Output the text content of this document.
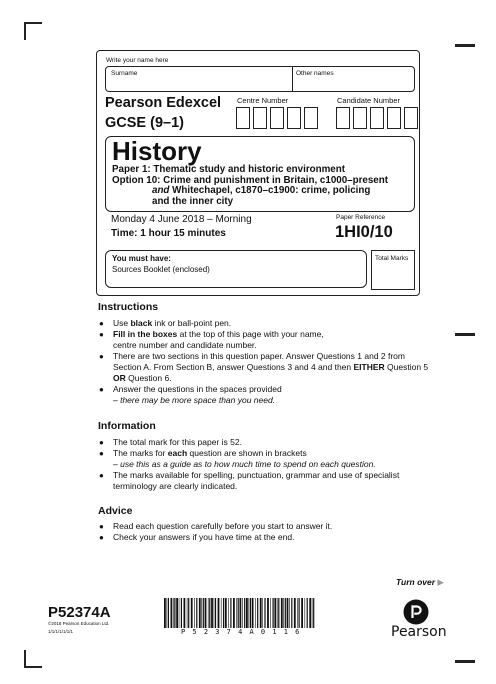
Write your name here
Surname	Other names
Pearson Edexcel
GCSE (9–1)
Centre Number	Candidate Number
History
Paper 1: Thematic study and historic environment
Option 10: Crime and punishment in Britain, c1000–present
and Whitechapel, c1870–c1900: crime, policing
and the inner city
Monday 4 June 2018 – Morning
Time: 1 hour 15 minutes
Paper Reference
1HI0/10
You must have:
Sources Booklet (enclosed)
Total Marks
Instructions
● Use black ink or ball-point pen.
● Fill in the boxes at the top of this page with your name,
centre number and candidate number.
● There are two sections in this question paper. Answer Questions 1 and 2 from
Section A. From Section B, answer Questions 3 and 4 and then EITHER Question 5
OR Question 6.
● Answer the questions in the spaces provided
– there may be more space than you need.
Information
● The total mark for this paper is 52.
● The marks for each question are shown in brackets
– use this as a guide as to how much time to spend on each question.
● The marks available for spelling, punctuation, grammar and use of specialist
terminology are clearly indicated.
Advice
● Read each question carefully before you start to answer it.
● Check your answers if you have time at the end.
Turn over ▶
P52374A
©2018 Pearson Education Ltd.
1/1/1/1/1/1/1	P52374A0116	Pearson
